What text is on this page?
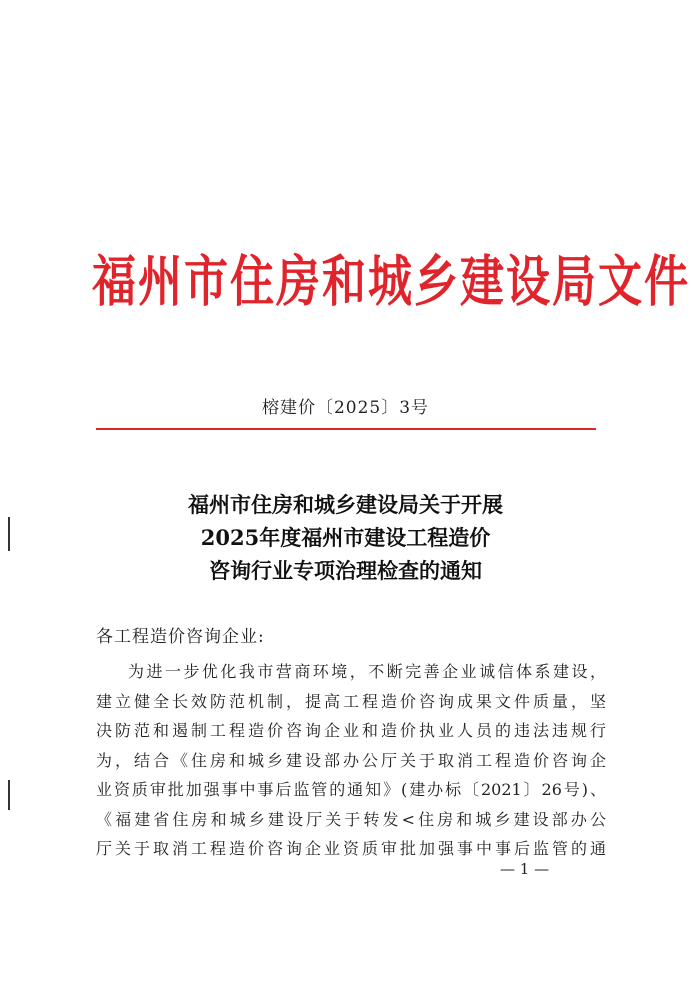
福州市住房和城乡建设局文件
榕建价〔2025〕3号
福州市住房和城乡建设局关于开展
2025年度福州市建设工程造价
咨询行业专项治理检查的通知
各工程造价咨询企业:
为进一步优化我市营商环境，不断完善企业诚信体系建设，
建立健全长效防范机制，提高工程造价咨询成果文件质量，坚
决防范和遏制工程造价咨询企业和造价执业人员的违法违规行
为，结合《住房和城乡建设部办公厅关于取消工程造价咨询企
业资质审批加强事中事后监管的通知》(建办标〔2021〕26号)、
《福建省住房和城乡建设厅关于转发<住房和城乡建设部办公
厅关于取消工程造价咨询企业资质审批加强事中事后监管的通
— 1 —
